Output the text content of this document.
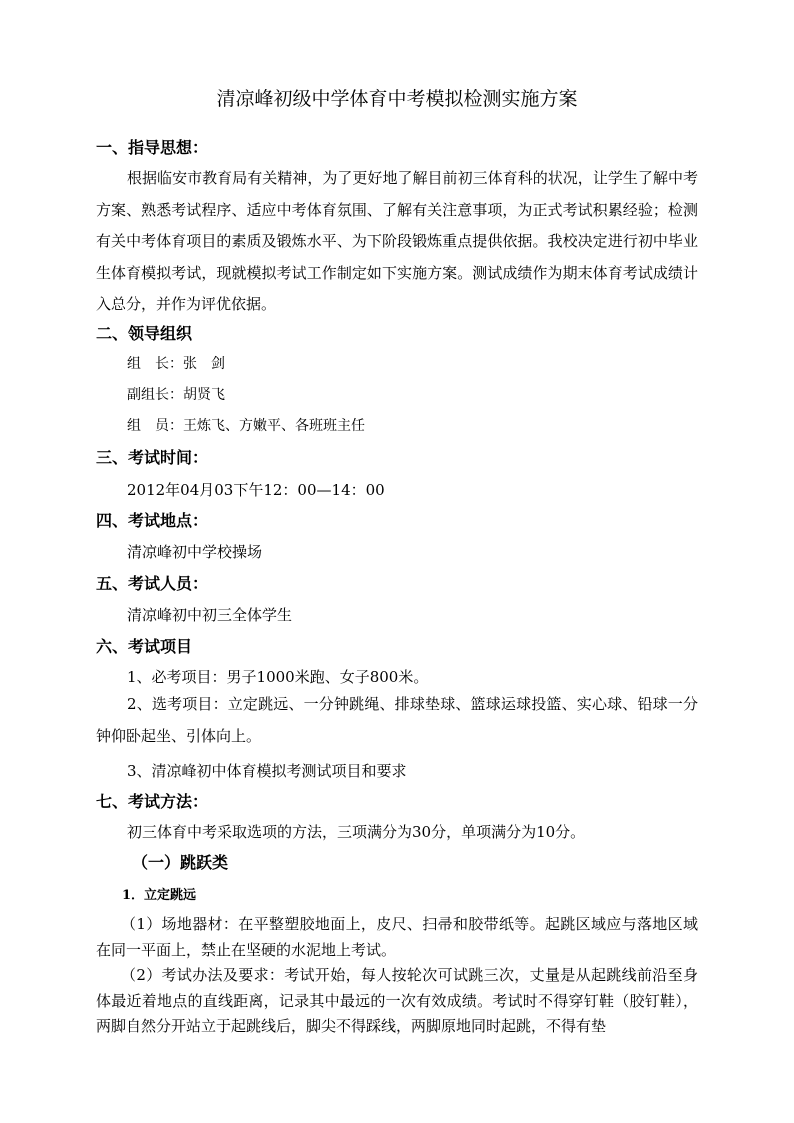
清凉峰初级中学体育中考模拟检测实施方案
一、指导思想：

根据临安市教育局有关精神，为了更好地了解目前初三体育科的状况，让学生了解中考方案、熟悉考试程序、适应中考体育氛围、了解有关注意事项，为正式考试积累经验；检测有关中考体育项目的素质及锻炼水平、为下阶段锻炼重点提供依据。我校决定进行初中毕业生体育模拟考试，现就模拟考试工作制定如下实施方案。测试成绩作为期末体育考试成绩计入总分，并作为评优依据。

二、领导组织
组　长：张　剑
副组长：胡贤飞
组　员：王炼飞、方嫩平、各班班主任
三、考试时间：
2012年04月03下午12：00—14：00
四、考试地点：
清凉峰初中学校操场
五、考试人员：
清凉峰初中初三全体学生
六、考试项目
1、必考项目：男子1000米跑、女子800米。

2、选考项目：立定跳远、一分钟跳绳、排球垫球、篮球运球投篮、实心球、铅球一分钟仰卧起坐、引体向上。

3、清凉峰初中体育模拟考测试项目和要求
七、考试方法：
初三体育中考采取选项的方法，三项满分为30分，单项满分为10分。
（一）跳跃类
1．立定跳远

（1）场地器材：在平整塑胶地面上，皮尺、扫帚和胶带纸等。起跳区域应与落地区域在同一平面上，禁止在坚硬的水泥地上考试。

（2）考试办法及要求：考试开始，每人按轮次可试跳三次，丈量是从起跳线前沿至身体最近着地点的直线距离，记录其中最远的一次有效成绩。考试时不得穿钉鞋（胶钉鞋），两脚自然分开站立于起跳线后，脚尖不得踩线，两脚原地同时起跳，不得有垫
